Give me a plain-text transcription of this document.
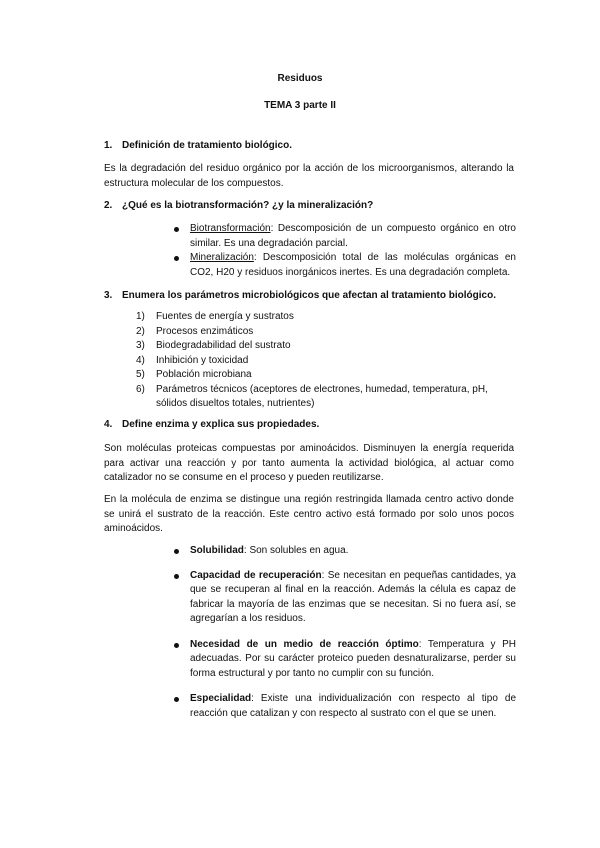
Residuos
TEMA 3 parte II
1. Definición de tratamiento biológico.
Es la degradación del residuo orgánico por la acción de los microorganismos, alterando la estructura molecular de los compuestos.
2. ¿Qué es la biotransformación? ¿y la mineralización?
Biotransformación: Descomposición de un compuesto orgánico en otro similar. Es una degradación parcial.
Mineralización: Descomposición total de las moléculas orgánicas en CO2, H20 y residuos inorgánicos inertes. Es una degradación completa.
3. Enumera los parámetros microbiológicos que afectan al tratamiento biológico.
1) Fuentes de energía y sustratos
2) Procesos enzimáticos
3) Biodegradabilidad del sustrato
4) Inhibición y toxicidad
5) Población microbiana
6) Parámetros técnicos (aceptores de electrones, humedad, temperatura, pH, sólidos disueltos totales, nutrientes)
4. Define enzima y explica sus propiedades.
Son moléculas proteicas compuestas por aminoácidos. Disminuyen la energía requerida para activar una reacción y por tanto aumenta la actividad biológica, al actuar como catalizador no se consume en el proceso y pueden reutilizarse.
En la molécula de enzima se distingue una región restringida llamada centro activo donde se unirá el sustrato de la reacción. Este centro activo está formado por solo unos pocos aminoácidos.
Solubilidad: Son solubles en agua.
Capacidad de recuperación: Se necesitan en pequeñas cantidades, ya que se recuperan al final en la reacción. Además la célula es capaz de fabricar la mayoría de las enzimas que se necesitan. Si no fuera así, se agregarían a los residuos.
Necesidad de un medio de reacción óptimo: Temperatura y PH adecuadas. Por su carácter proteico pueden desnaturalizarse, perder su forma estructural y por tanto no cumplir con su función.
Especialidad: Existe una individualización con respecto al tipo de reacción que catalizan y con respecto al sustrato con el que se unen.
